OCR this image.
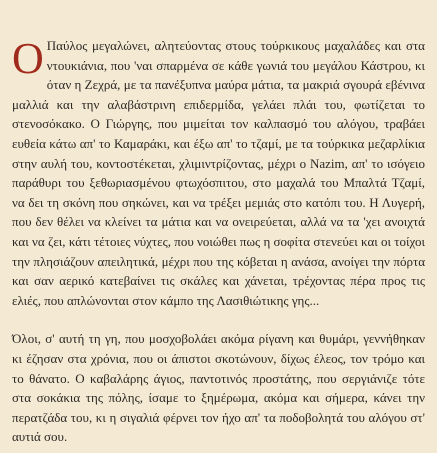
Ο Παύλος μεγαλώνει, αλητεύοντας στους τούρκικους μαχαλάδες και στα ντουκιάνια, που 'ναι σπαρμένα σε κάθε γωνιά του μεγάλου Κάστρου, κι όταν η Ζεχρά, με τα πανέξυπνα μαύρα μάτια, τα μακριά σγουρά εβένινα μαλλιά και την αλαβάστρινη επιδερμίδα, γελάει πλάι του, φωτίζεται το στενοσόκακο. Ο Γιώργης, που μιμείται τον καλπασμό του αλόγου, τραβάει ευθεία κάτω απ' το Καμαράκι, και έξω απ' το τζαμί, με τα τούρκικα μεζαρλίκια στην αυλή του, κοντοστέκεται, χλιμιντρίζοντας, μέχρι ο Nazim, απ' το ισόγειο παράθυρι του ξεθωριασμένου φτωχόσπιτου, στο μαχαλά του Μπαλτά Τζαμί, να δει τη σκόνη που σηκώνει, και να τρέξει μεμιάς στο κατόπι του. Η Λυγερή, που δεν θέλει να κλείνει τα μάτια και να ονειρεύεται, αλλά να τα 'χει ανοιχτά και να ζει, κάτι τέτοιες νύχτες, που νοιώθει πως η σοφίτα στενεύει και οι τοίχοι την πλησιάζουν απειλητικά, μέχρι που της κόβεται η ανάσα, ανοίγει την πόρτα και σαν αερικό κατεβαίνει τις σκάλες και χάνεται, τρέχοντας πέρα προς τις ελιές, που απλώνονται στον κάμπο της Λασιθιώτικης γης...

Όλοι, σ' αυτή τη γη, που μοσχοβολάει ακόμα ρίγανη και θυμάρι, γεννήθηκαν κι έζησαν στα χρόνια, που οι άπιστοι σκοτώνουν, δίχως έλεος, τον τρόμο και το θάνατο. Ο καβαλάρης άγιος, παντοτινός προστάτης, που σεργιάνιζε τότε στα σοκάκια της πόλης, ίσαμε το ξημέρωμα, ακόμα και σήμερα, κάνει την περατζάδα του, κι η σιγαλιά φέρνει τον ήχο απ' τα ποδοβολητά του αλόγου στ' αυτιά σου.
